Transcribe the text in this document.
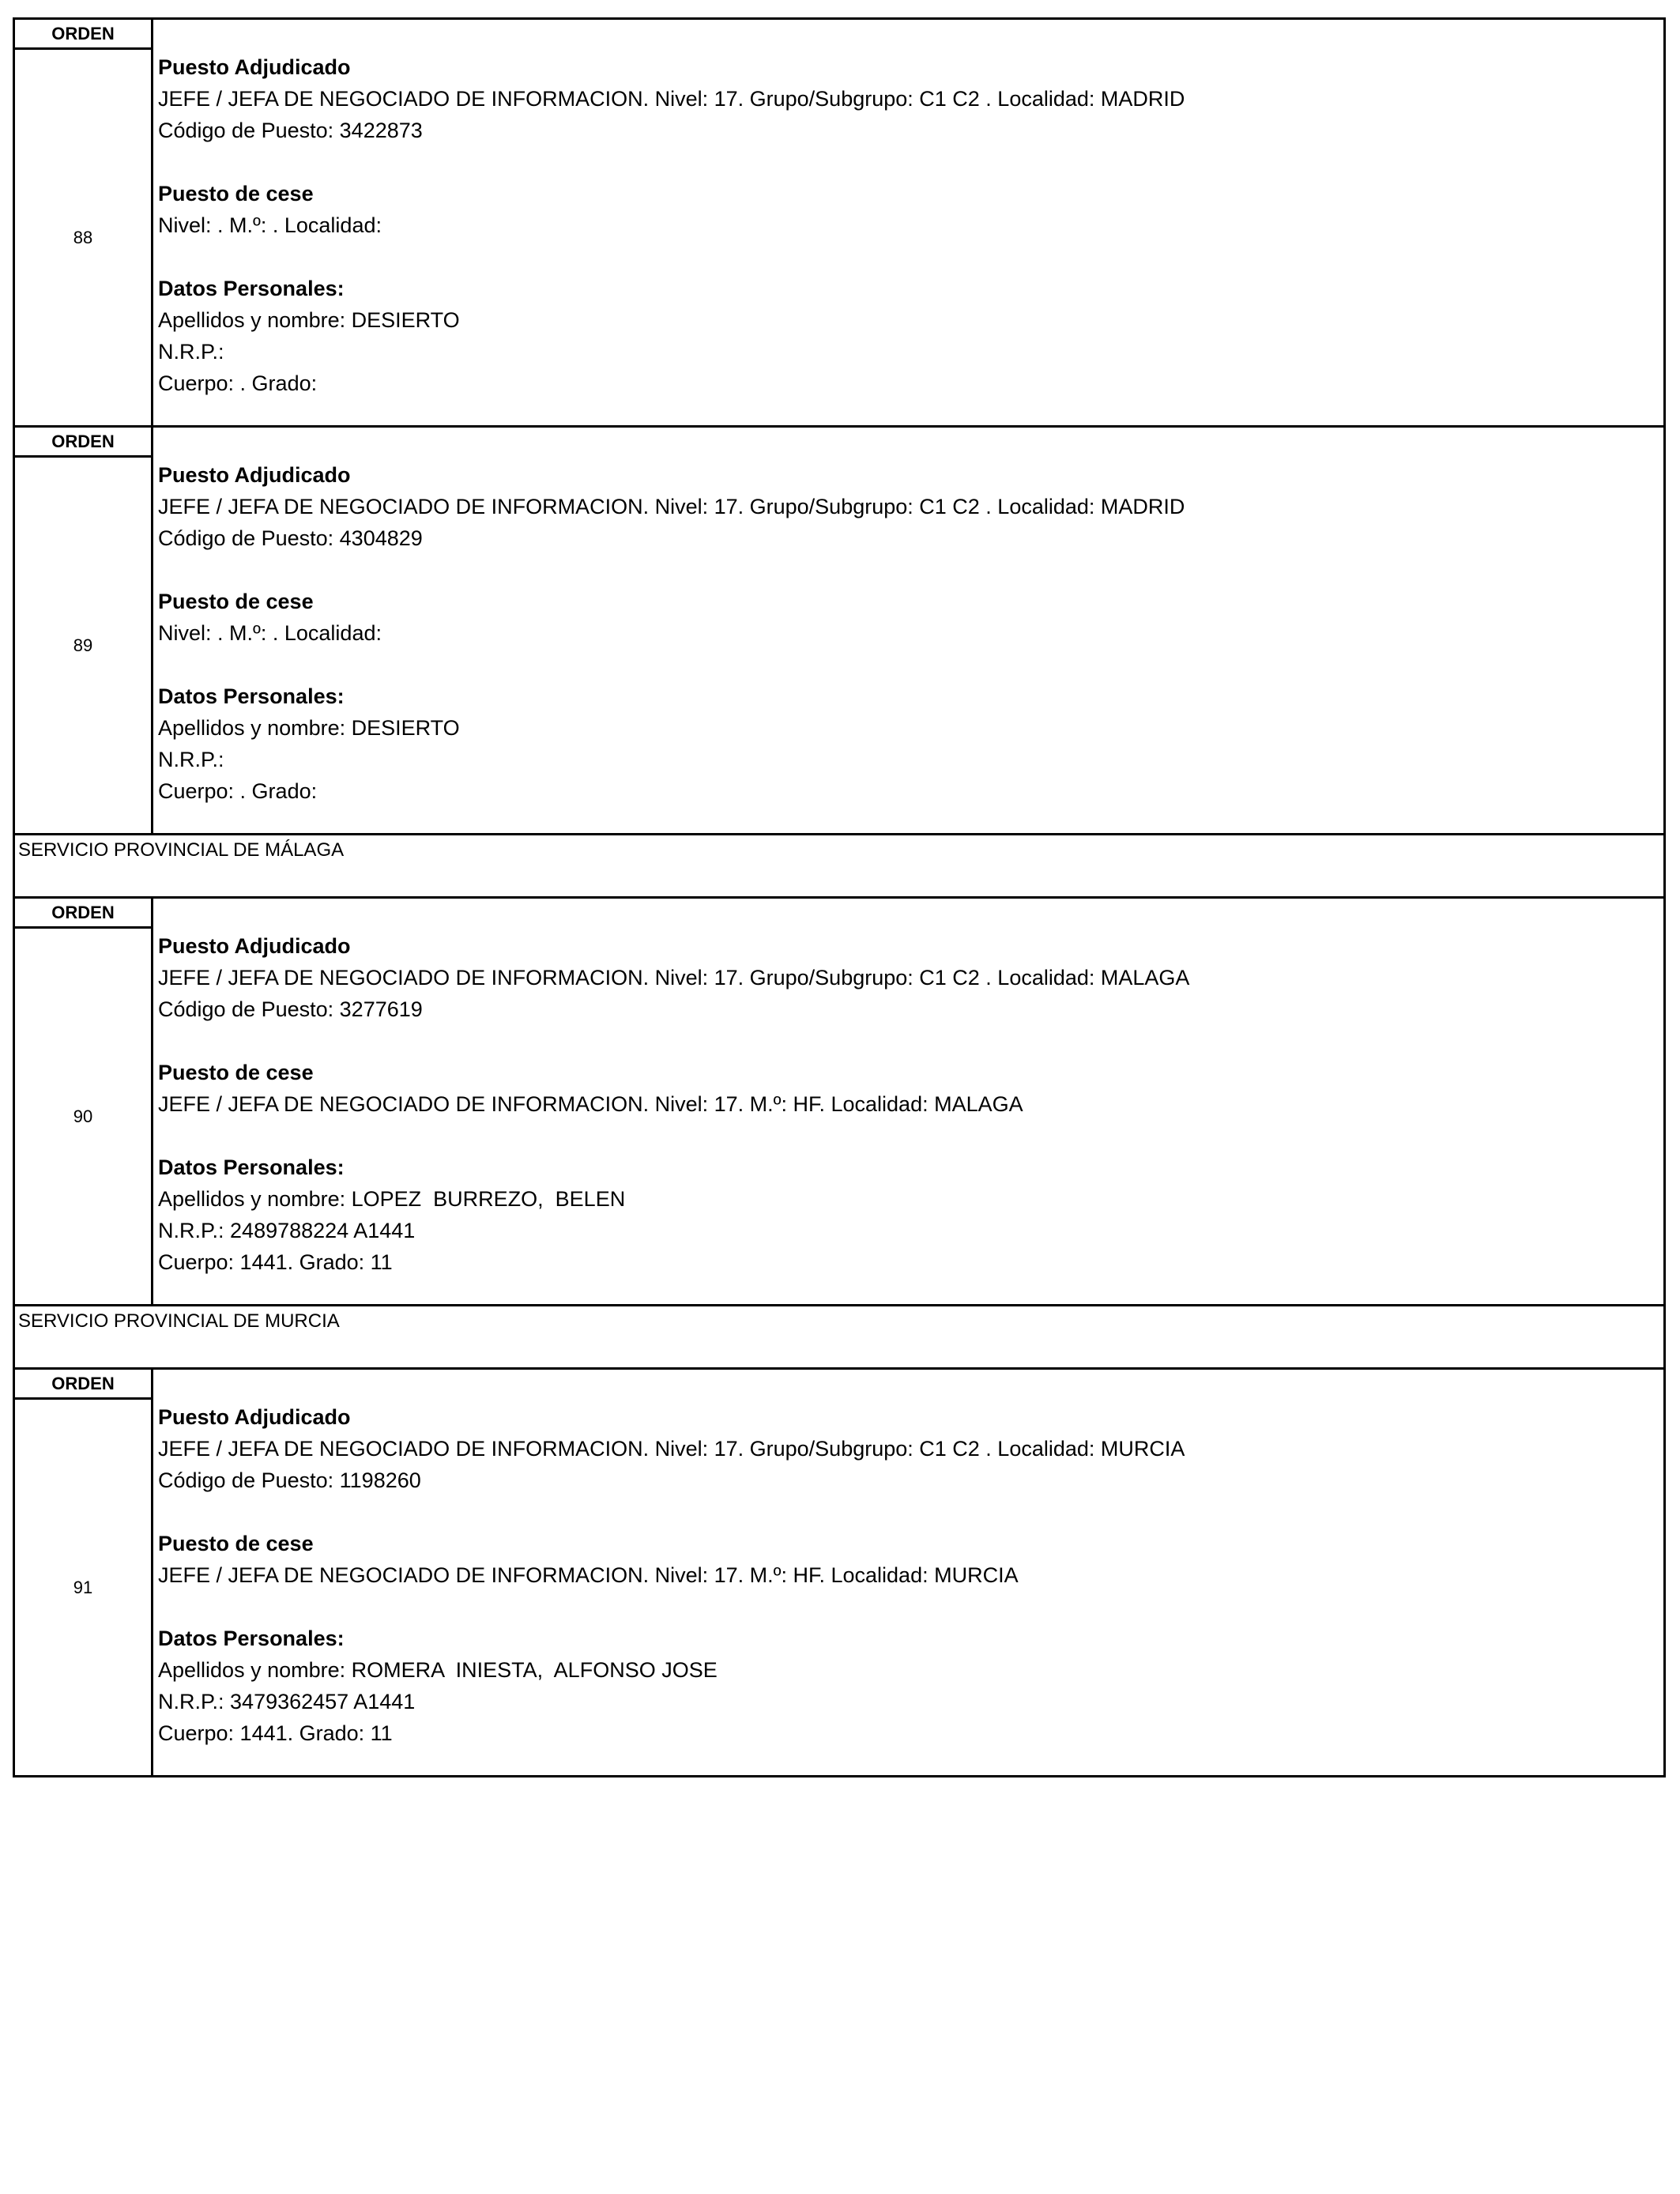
ORDEN
88
Puesto Adjudicado
JEFE / JEFA DE NEGOCIADO DE INFORMACION. Nivel: 17. Grupo/Subgrupo: C1 C2 . Localidad: MADRID
Código de Puesto: 3422873
Puesto de cese
Nivel: . M.º: . Localidad:
Datos Personales:
Apellidos y nombre: DESIERTO
N.R.P.:
Cuerpo: . Grado:
ORDEN
89
Puesto Adjudicado
JEFE / JEFA DE NEGOCIADO DE INFORMACION. Nivel: 17. Grupo/Subgrupo: C1 C2 . Localidad: MADRID
Código de Puesto: 4304829
Puesto de cese
Nivel: . M.º: . Localidad:
Datos Personales:
Apellidos y nombre: DESIERTO
N.R.P.:
Cuerpo: . Grado:
SERVICIO PROVINCIAL DE MÁLAGA
ORDEN
90
Puesto Adjudicado
JEFE / JEFA DE NEGOCIADO DE INFORMACION. Nivel: 17. Grupo/Subgrupo: C1 C2 . Localidad: MALAGA
Código de Puesto: 3277619
Puesto de cese
JEFE / JEFA DE NEGOCIADO DE INFORMACION. Nivel: 17. M.º: HF. Localidad: MALAGA
Datos Personales:
Apellidos y nombre: LOPEZ  BURREZO,  BELEN
N.R.P.: 2489788224 A1441
Cuerpo: 1441. Grado: 11
SERVICIO PROVINCIAL DE MURCIA
ORDEN
91
Puesto Adjudicado
JEFE / JEFA DE NEGOCIADO DE INFORMACION. Nivel: 17. Grupo/Subgrupo: C1 C2 . Localidad: MURCIA
Código de Puesto: 1198260
Puesto de cese
JEFE / JEFA DE NEGOCIADO DE INFORMACION. Nivel: 17. M.º: HF. Localidad: MURCIA
Datos Personales:
Apellidos y nombre: ROMERA  INIESTA,  ALFONSO JOSE
N.R.P.: 3479362457 A1441
Cuerpo: 1441. Grado: 11
